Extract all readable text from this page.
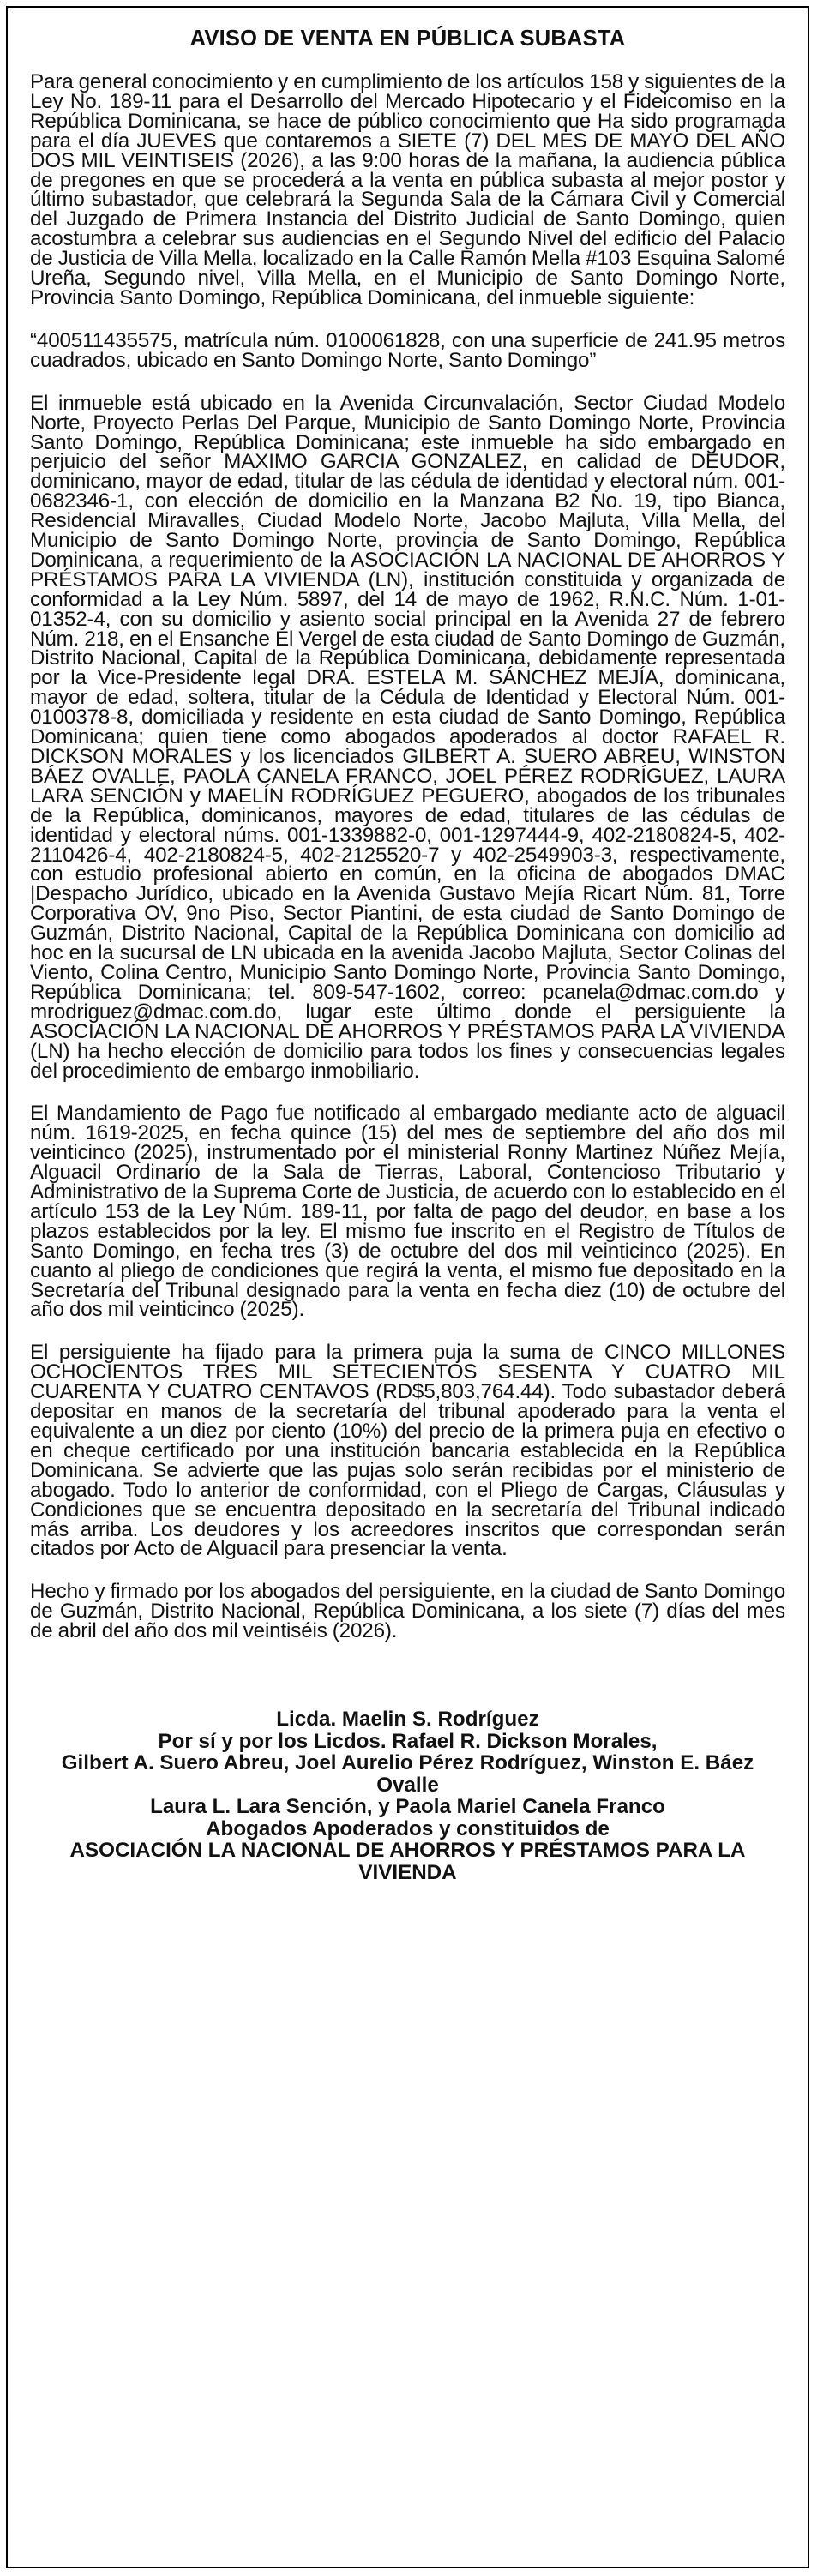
AVISO DE VENTA EN PÚBLICA SUBASTA

Para general conocimiento y en cumplimiento de los artículos 158 y siguientes de la Ley No. 189-11 para el Desarrollo del Mercado Hipotecario y el Fideicomiso en la República Dominicana, se hace de público conocimiento que Ha sido programada para el día JUEVES que contaremos a SIETE (7) DEL MES DE MAYO DEL AÑO DOS MIL VEINTISEIS (2026), a las 9:00 horas de la mañana, la audiencia pública de pregones en que se procederá a la venta en pública subasta al mejor postor y último subastador, que celebrará la Segunda Sala de la Cámara Civil y Comercial del Juzgado de Primera Instancia del Distrito Judicial de Santo Domingo, quien acostumbra a celebrar sus audiencias en el Segundo Nivel del edificio del Palacio de Justicia de Villa Mella, localizado en la Calle Ramón Mella #103 Esquina Salomé Ureña, Segundo nivel, Villa Mella, en el Municipio de Santo Domingo Norte, Provincia Santo Domingo, República Dominicana, del inmueble siguiente:

“400511435575, matrícula núm. 0100061828, con una superficie de 241.95 metros cuadrados, ubicado en Santo Domingo Norte, Santo Domingo”

El inmueble está ubicado en la Avenida Circunvalación, Sector Ciudad Modelo Norte, Proyecto Perlas Del Parque, Municipio de Santo Domingo Norte, Provincia Santo Domingo, República Dominicana; este inmueble ha sido embargado en perjuicio del señor MAXIMO GARCIA GONZALEZ, en calidad de DEUDOR, dominicano, mayor de edad, titular de las cédula de identidad y electoral núm. 001-0682346-1, con elección de domicilio en la Manzana B2 No. 19, tipo Bianca, Residencial Miravalles, Ciudad Modelo Norte, Jacobo Majluta, Villa Mella, del Municipio de Santo Domingo Norte, provincia de Santo Domingo, República Dominicana, a requerimiento de la ASOCIACIÓN LA NACIONAL DE AHORROS Y PRÉSTAMOS PARA LA VIVIENDA (LN), institución constituida y organizada de conformidad a la Ley Núm. 5897, del 14 de mayo de 1962, R.N.C. Núm. 1-01-01352-4, con su domicilio y asiento social principal en la Avenida 27 de febrero Núm. 218, en el Ensanche El Vergel de esta ciudad de Santo Domingo de Guzmán, Distrito Nacional, Capital de la República Dominicana, debidamente representada por la Vice-Presidente legal DRA. ESTELA M. SÁNCHEZ MEJÍA, dominicana, mayor de edad, soltera, titular de la Cédula de Identidad y Electoral Núm. 001-0100378-8, domiciliada y residente en esta ciudad de Santo Domingo, República Dominicana; quien tiene como abogados apoderados al doctor RAFAEL R. DICKSON MORALES y los licenciados GILBERT A. SUERO ABREU, WINSTON BÁEZ OVALLE, PAOLA CANELA FRANCO, JOEL PÉREZ RODRÍGUEZ, LAURA LARA SENCIÓN y MAELÍN RODRÍGUEZ PEGUERO, abogados de los tribunales de la República, dominicanos, mayores de edad, titulares de las cédulas de identidad y electoral núms. 001-1339882-0, 001-1297444-9, 402-2180824-5, 402-2110426-4, 402-2180824-5, 402-2125520-7 y 402-2549903-3, respectivamente, con estudio profesional abierto en común, en la oficina de abogados DMAC |Despacho Jurídico, ubicado en la Avenida Gustavo Mejía Ricart Núm. 81, Torre Corporativa OV, 9no Piso, Sector Piantini, de esta ciudad de Santo Domingo de Guzmán, Distrito Nacional, Capital de la República Dominicana con domicilio ad hoc en la sucursal de LN ubicada en la avenida Jacobo Majluta, Sector Colinas del Viento, Colina Centro, Municipio Santo Domingo Norte, Provincia Santo Domingo, República Dominicana; tel. 809-547-1602, correo: pcanela@dmac.com.do y mrodriguez@dmac.com.do, lugar este último donde el persiguiente la ASOCIACIÓN LA NACIONAL DE AHORROS Y PRÉSTAMOS PARA LA VIVIENDA (LN) ha hecho elección de domicilio para todos los fines y consecuencias legales del procedimiento de embargo inmobiliario.

El Mandamiento de Pago fue notificado al embargado mediante acto de alguacil núm. 1619-2025, en fecha quince (15) del mes de septiembre del año dos mil veinticinco (2025), instrumentado por el ministerial Ronny Martinez Núñez Mejía, Alguacil Ordinario de la Sala de Tierras, Laboral, Contencioso Tributario y Administrativo de la Suprema Corte de Justicia, de acuerdo con lo establecido en el artículo 153 de la Ley Núm. 189-11, por falta de pago del deudor, en base a los plazos establecidos por la ley. El mismo fue inscrito en el Registro de Títulos de Santo Domingo, en fecha tres (3) de octubre del dos mil veinticinco (2025). En cuanto al pliego de condiciones que regirá la venta, el mismo fue depositado en la Secretaría del Tribunal designado para la venta en fecha diez (10) de octubre del año dos mil veinticinco (2025).

El persiguiente ha fijado para la primera puja la suma de CINCO MILLONES OCHOCIENTOS TRES MIL SETECIENTOS SESENTA Y CUATRO MIL CUARENTA Y CUATRO CENTAVOS (RD$5,803,764.44). Todo subastador deberá depositar en manos de la secretaría del tribunal apoderado para la venta el equivalente a un diez por ciento (10%) del precio de la primera puja en efectivo o en cheque certificado por una institución bancaria establecida en la República Dominicana. Se advierte que las pujas solo serán recibidas por el ministerio de abogado. Todo lo anterior de conformidad, con el Pliego de Cargas, Cláusulas y Condiciones que se encuentra depositado en la secretaría del Tribunal indicado más arriba. Los deudores y los acreedores inscritos que correspondan serán citados por Acto de Alguacil para presenciar la venta.

Hecho y firmado por los abogados del persiguiente, en la ciudad de Santo Domingo de Guzmán, Distrito Nacional, República Dominicana, a los siete (7) días del mes de abril del año dos mil veintiséis (2026).

Licda. Maelin S. Rodríguez
Por sí y por los Licdos. Rafael R. Dickson Morales,
Gilbert A. Suero Abreu, Joel Aurelio Pérez Rodríguez, Winston E. Báez Ovalle
Laura L. Lara Sención, y Paola Mariel Canela Franco
Abogados Apoderados y constituidos de
ASOCIACIÓN LA NACIONAL DE AHORROS Y PRÉSTAMOS PARA LA VIVIENDA
